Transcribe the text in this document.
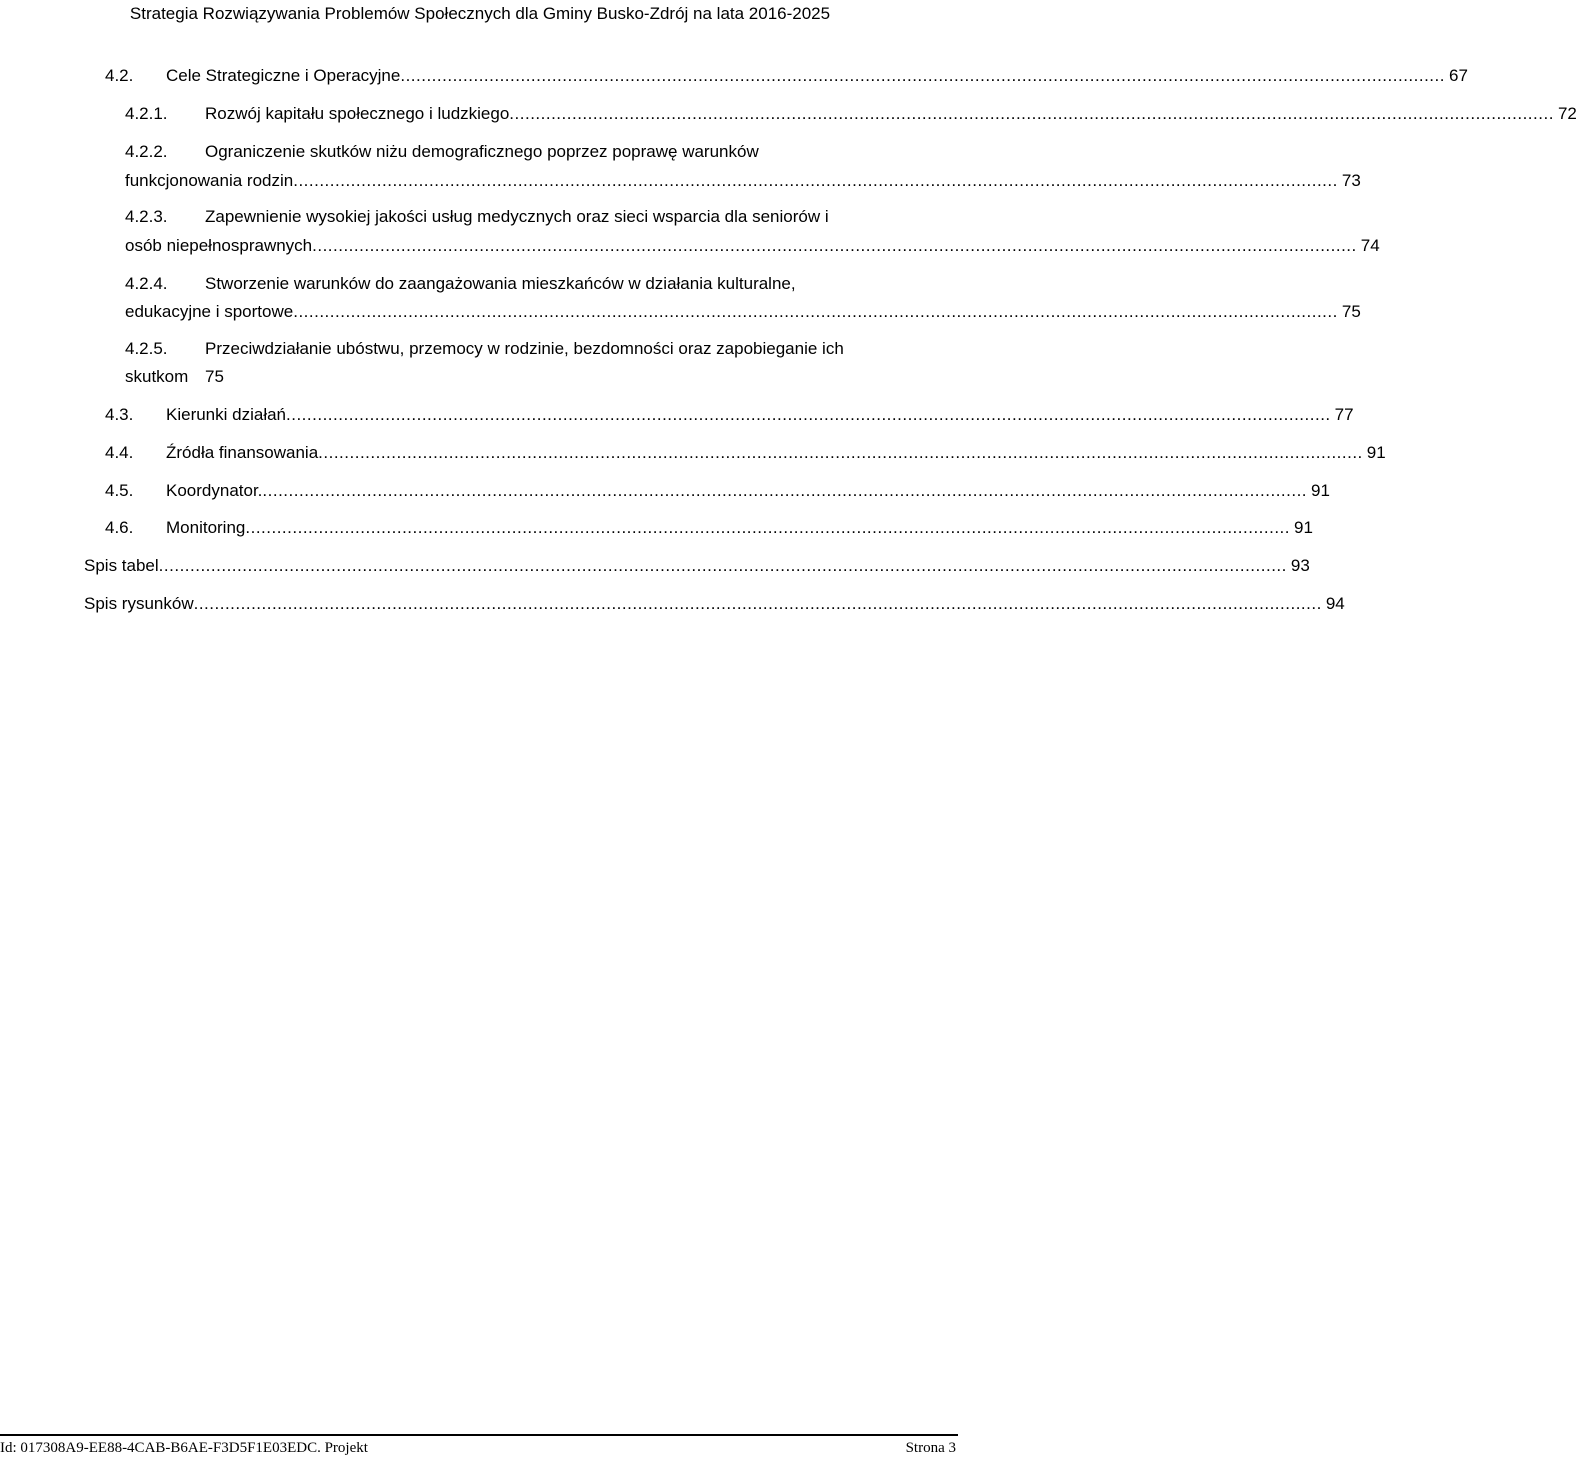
Strategia Rozwiązywania Problemów Społecznych dla Gminy Busko-Zdrój na lata 2016-2025
4.2. Cele Strategiczne i Operacyjne ........................................................................................................................................................................................................ 67
4.2.1. Rozwój kapitału społecznego i ludzkiego ........................................................................................................................................................................................................ 72
4.2.2. Ograniczenie skutków niżu demograficznego poprzez poprawę warunków
funkcjonowania rodzin ........................................................................................................................................................................................................ 73
4.2.3. Zapewnienie wysokiej jakości usług medycznych oraz sieci wsparcia dla seniorów i
osób niepełnosprawnych ........................................................................................................................................................................................................ 74
4.2.4. Stworzenie warunków do zaangażowania mieszkańców w działania kulturalne,
edukacyjne i sportowe ........................................................................................................................................................................................................ 75
4.2.5. Przeciwdziałanie ubóstwu, przemocy w rodzinie, bezdomności oraz zapobieganie ich
skutkom 75
4.3. Kierunki działań ........................................................................................................................................................................................................ 77
4.4. Źródła finansowania ........................................................................................................................................................................................................ 91
4.5. Koordynator. ........................................................................................................................................................................................................ 91
4.6. Monitoring ........................................................................................................................................................................................................ 91
Spis tabel ........................................................................................................................................................................................................................ 93
Spis rysunków ........................................................................................................................................................................................................................ 94
Id: 017308A9-EE88-4CAB-B6AE-F3D5F1E03EDC. Projekt	Strona 3
